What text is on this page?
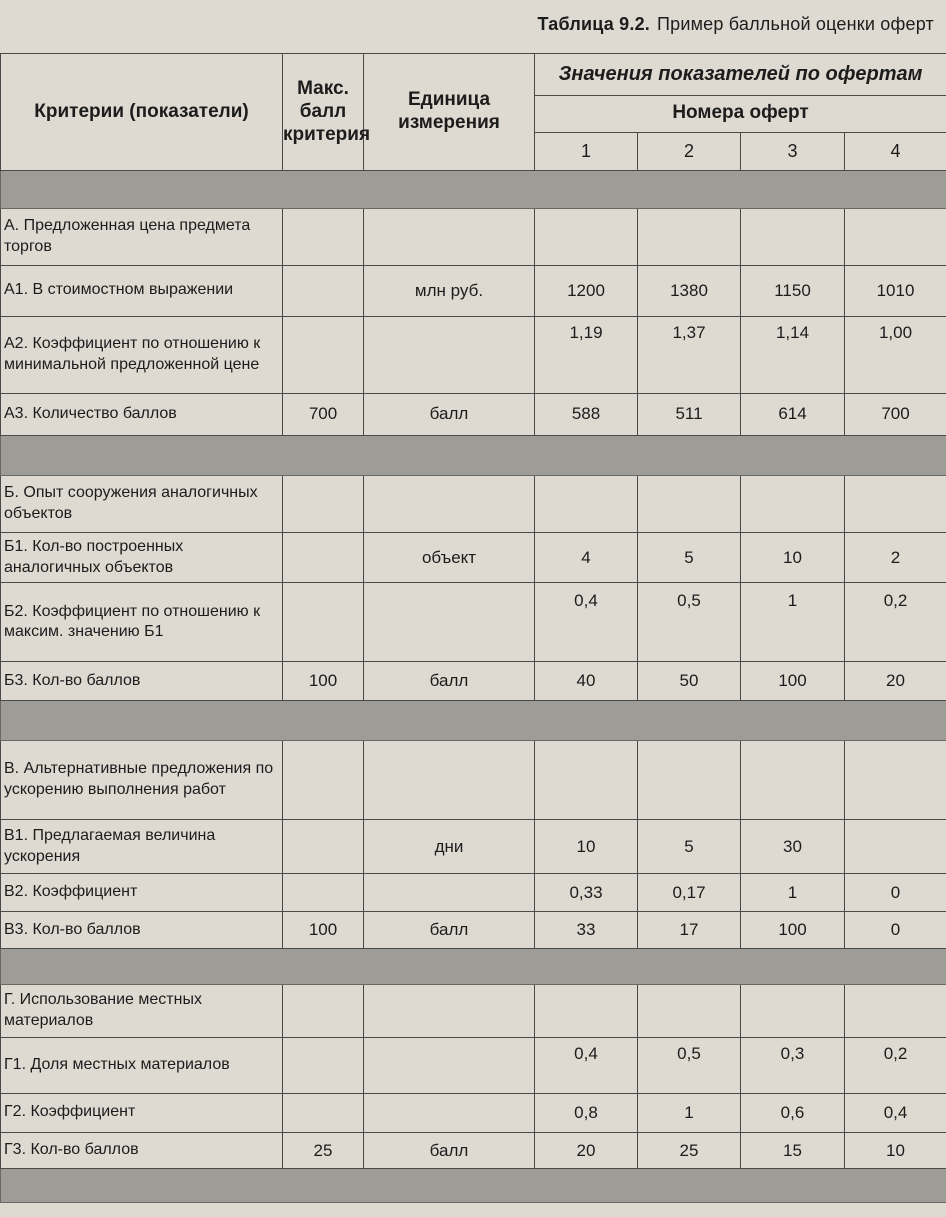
Таблица 9.2. Пример балльной оценки оферт
Критерии (показатели)	Макс. балл критерия	Единица измерения	Значения показателей по офертам			
			Номера оферт			
			1	2	3	4

А. Предложенная цена предмета торгов						
А1. В стоимостном выражении		млн руб.	1200	1380	1150	1010
А2. Коэффициент по отношению к минимальной предложенной цене			1,19	1,37	1,14	1,00
А3. Количество баллов	700	балл	588	511	614	700

Б. Опыт сооружения аналогичных объектов						
Б1. Кол-во построенных аналогичных объектов		объект	4	5	10	2
Б2. Коэффициент по отношению к максим. значению Б1			0,4	0,5	1	0,2
Б3. Кол-во баллов	100	балл	40	50	100	20

В. Альтернативные предложения по ускорению выполнения работ						
В1. Предлагаемая величина ускорения		дни	10	5	30	
В2. Коэффициент			0,33	0,17	1	0
В3. Кол-во баллов	100	балл	33	17	100	0

Г. Использование местных материалов						
Г1. Доля местных материалов			0,4	0,5	0,3	0,2
Г2. Коэффициент			0,8	1	0,6	0,4
Г3. Кол-во баллов	25	балл	20	25	15	10
